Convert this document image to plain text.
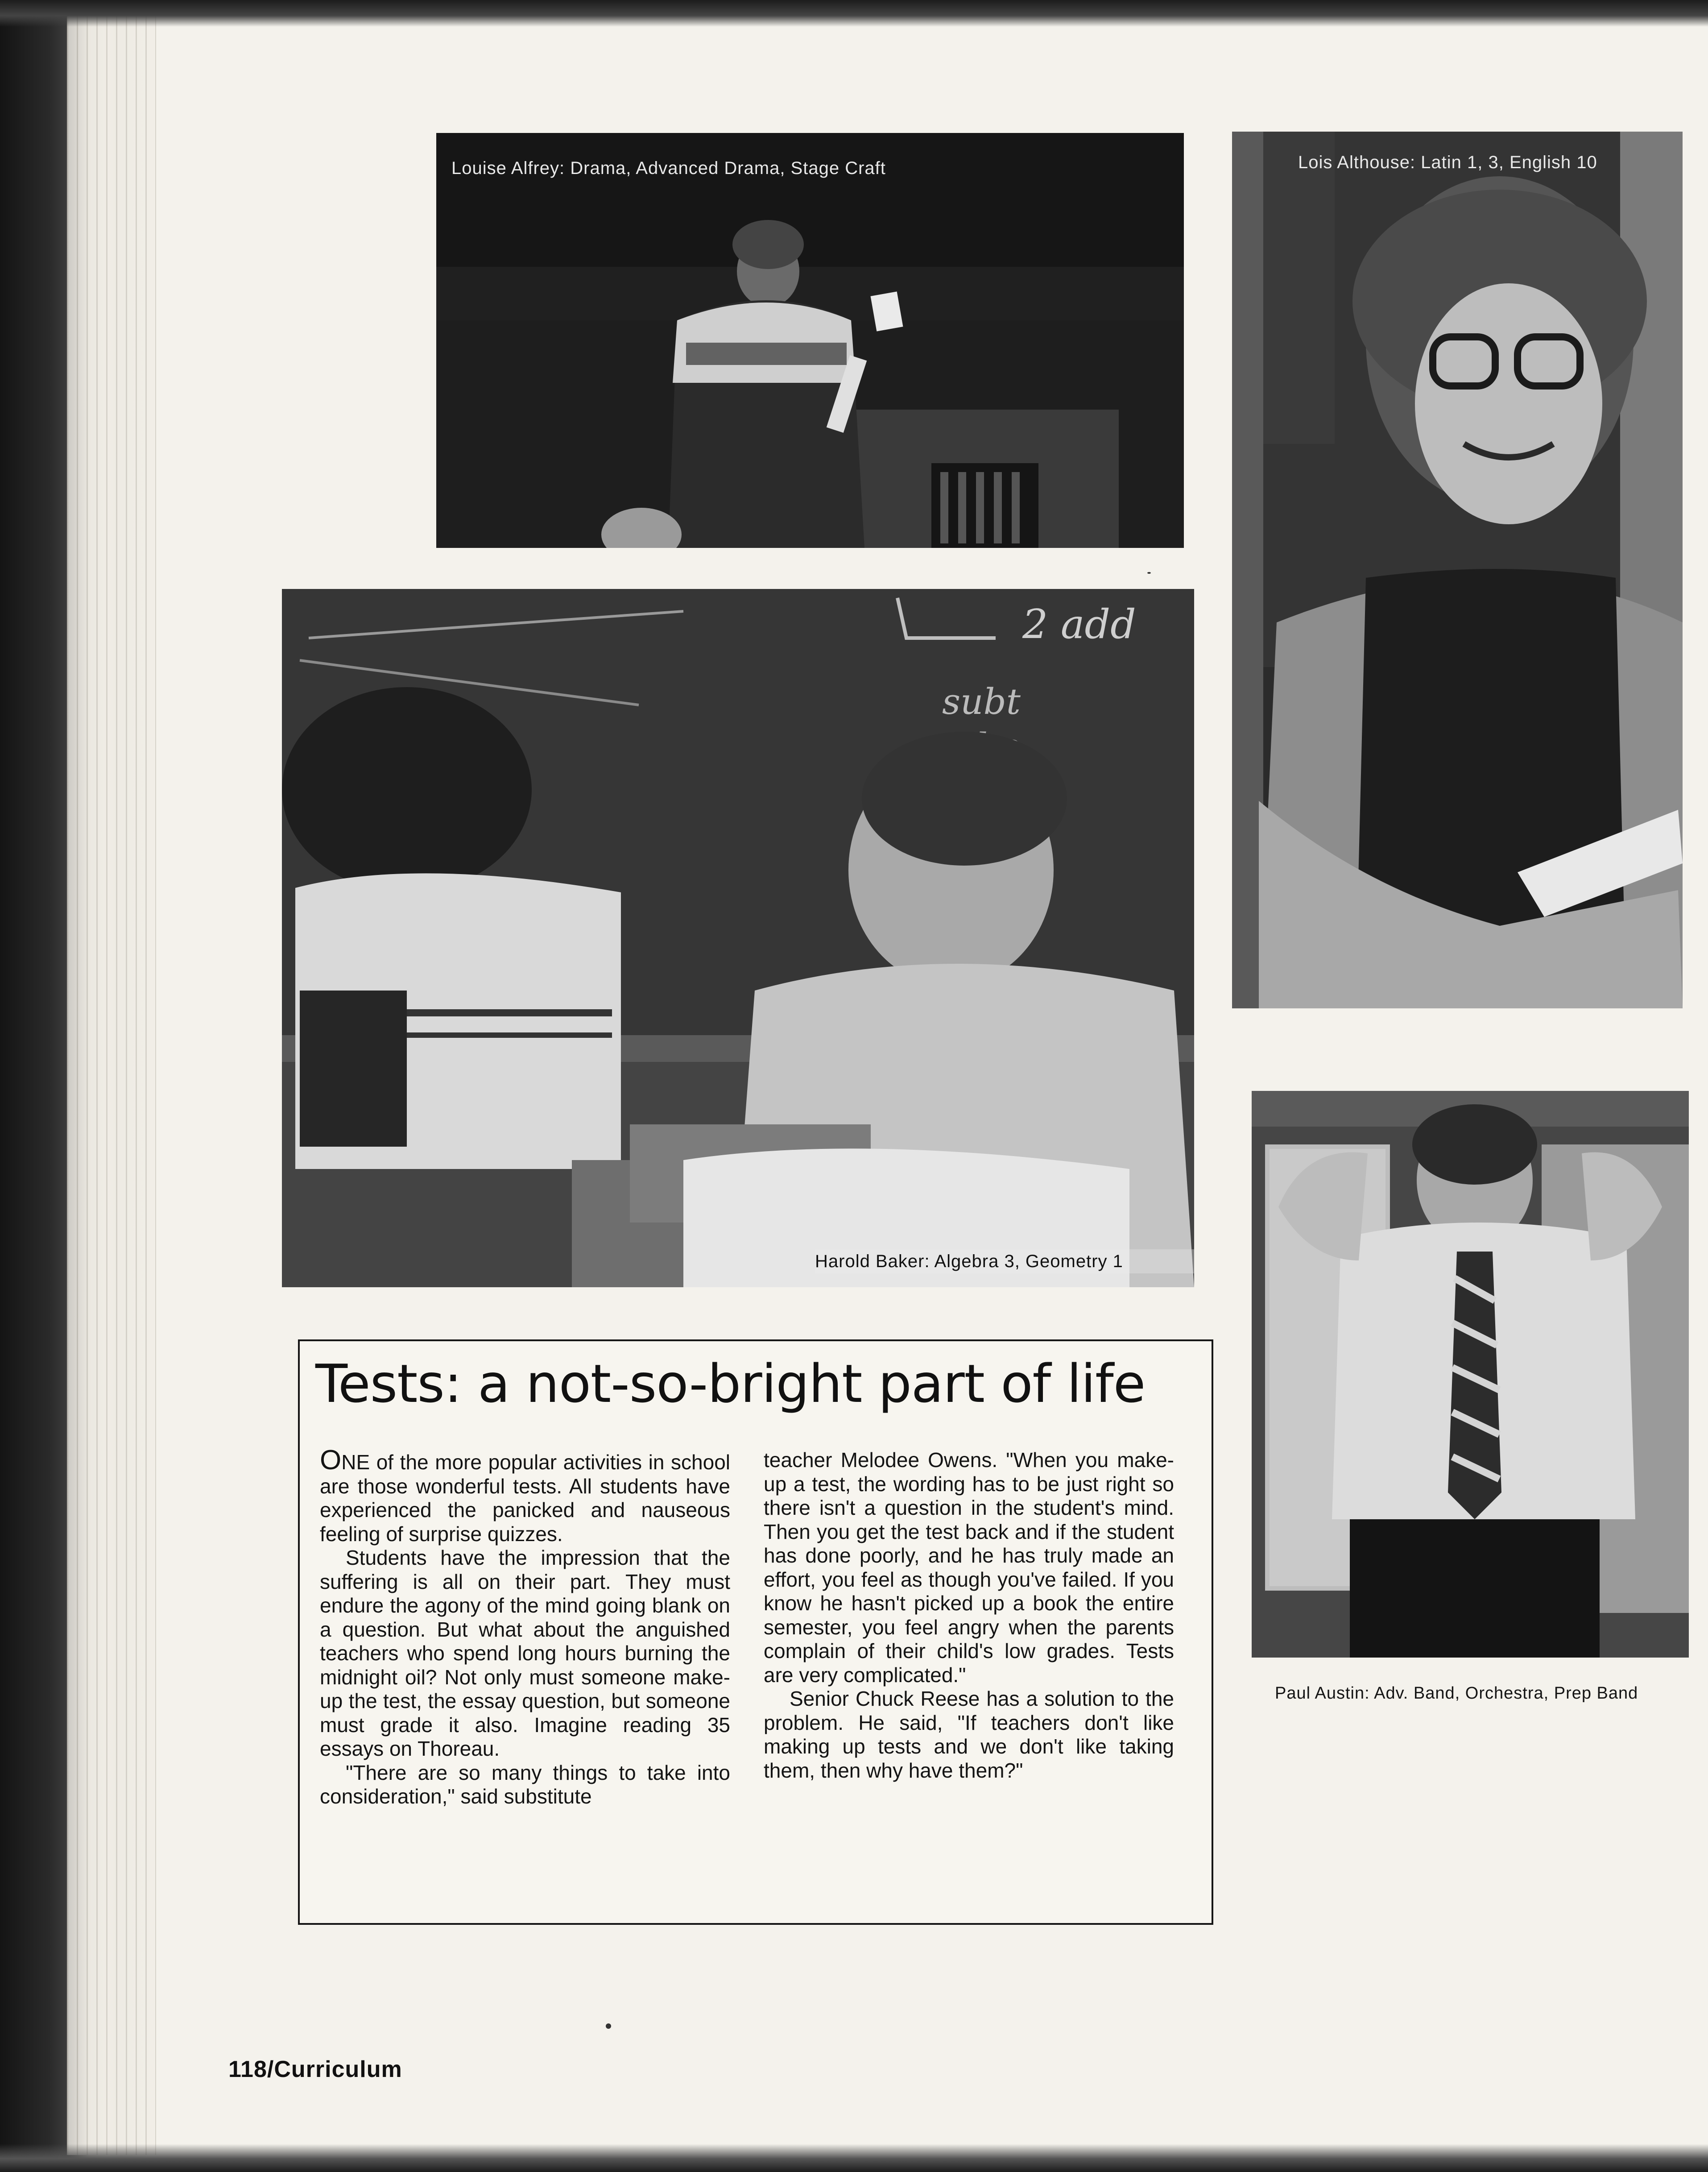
Louise Alfrey: Drama, Advanced Drama, Stage Craft	Lois Althouse: Latin 1, 3, English 10
2 add
subt
Harold Baker: Algebra 3, Geometry 1
Paul Austin: Adv. Band, Orchestra, Prep Band
Tests: a not-so-bright part of life

ONE of the more popular activities in school are those wonderful tests. All students have experienced the panicked and nauseous feeling of surprise quizzes.

Students have the impression that the suffering is all on their part. They must endure the agony of the mind going blank on a question. But what about the anguished teachers who spend long hours burning the midnight oil? Not only must someone make-up the test, the essay question, but someone must grade it also. Imagine reading 35 essays on Thoreau.

"There are so many things to take into consideration," said substitute

teacher Melodee Owens. "When you make-up a test, the wording has to be just right so there isn't a question in the student's mind. Then you get the test back and if the student has done poorly, and he has truly made an effort, you feel as though you've failed. If you know he hasn't picked up a book the entire semester, you feel angry when the parents complain of their child's low grades. Tests are very complicated."

Senior Chuck Reese has a solution to the problem. He said, "If teachers don't like making up tests and we don't like taking them, then why have them?"

118/Curriculum
